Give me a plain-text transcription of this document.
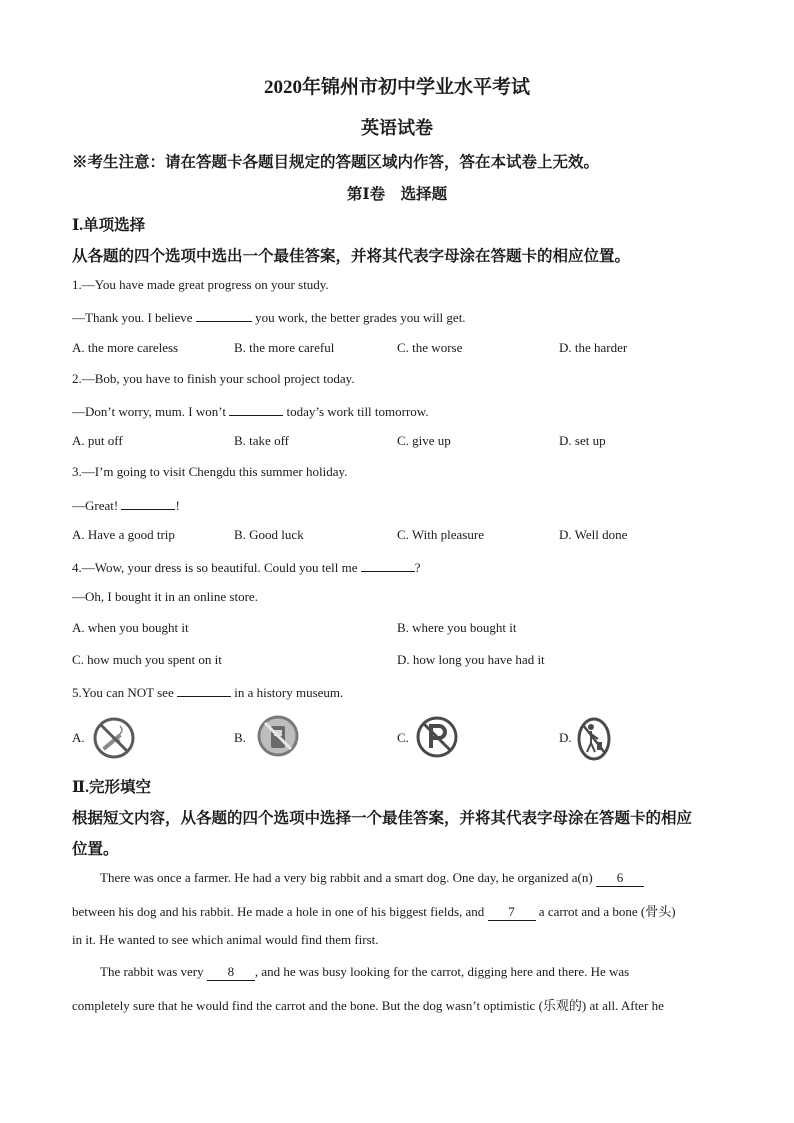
2020年锦州市初中学业水平考试
英语试卷
※考生注意：请在答题卡各题目规定的答题区域内作答，答在本试卷上无效。
第Ⅰ卷　选择题
Ⅰ.单项选择
从各题的四个选项中选出一个最佳答案，并将其代表字母涂在答题卡的相应位置。
1.—You have made great progress on your study.
—Thank you. I believe	you work, the better grades you will get.
A. the more careless	B. the more careful	C. the worse	D. the harder
2.—Bob, you have to finish your school project today.
—Don’t worry, mum. I won’t	today’s work till tomorrow.
A. put off	B. take off	C. give up	D. set up
3.—I’m going to visit Chengdu this summer holiday.
—Great!	!
A. Have a good trip	B. Good luck	C. With pleasure	D. Well done
4.—Wow, your dress is so beautiful. Could you tell me	?
—Oh, I bought it in an online store.
A. when you bought it	B. where you bought it
C. how much you spent on it	D. how long you have had it
5.You can NOT see	in a history museum.
A.	B.	C.	D.
Ⅱ.完形填空
根据短文内容，从各题的四个选项中选择一个最佳答案，并将其代表字母涂在答题卡的相应
位置。
There was once a farmer. He had a very big rabbit and a smart dog. One day, he organized a(n) 6
between his dog and his rabbit. He made a hole in one of his biggest fields, and 7 a carrot and a bone (骨头)
in it. He wanted to see which animal would find them first.
The rabbit was very 8 , and he was busy looking for the carrot, digging here and there. He was
completely sure that he would find the carrot and the bone. But the dog wasn’t optimistic (乐观的) at all. After he
